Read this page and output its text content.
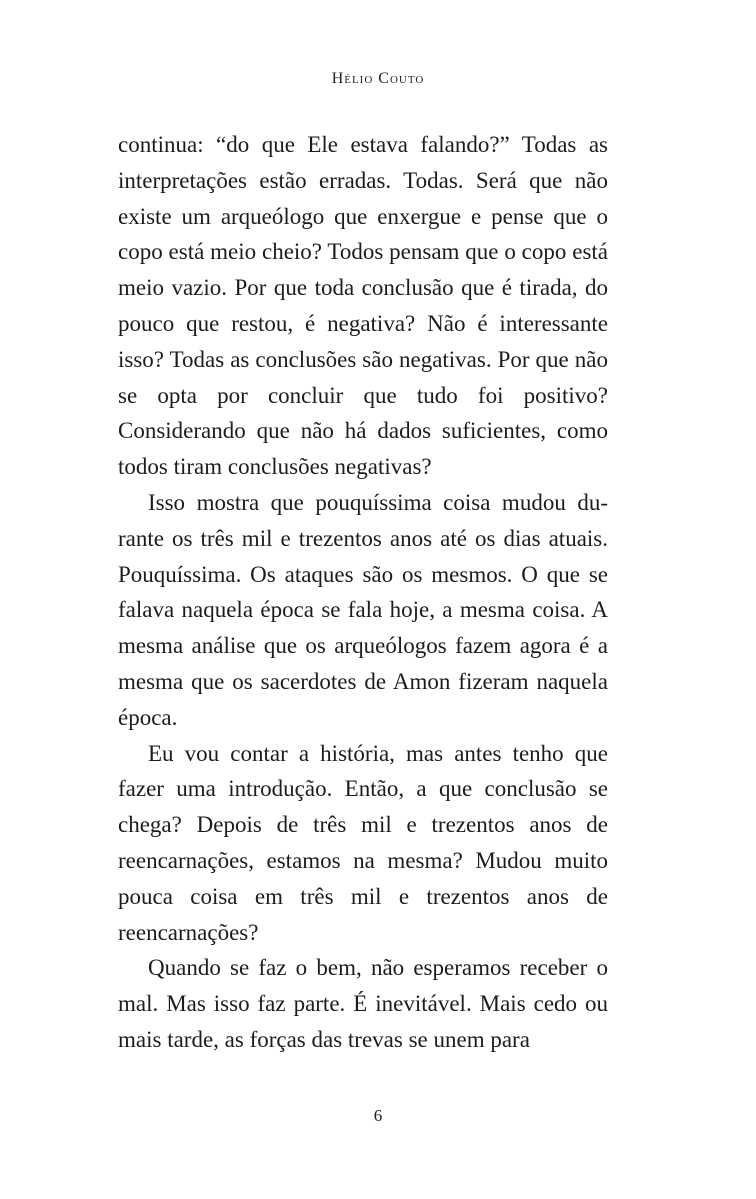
Hélio Couto

continua: “do que Ele estava falando?” Todas as interpretações estão erradas. Todas. Será que não existe um arqueólogo que enxergue e pense que o copo está meio cheio? Todos pensam que o copo está meio vazio. Por que toda conclusão que é tirada, do pouco que restou, é negativa? Não é interessante isso? Todas as conclusões são negativas. Por que não se opta por concluir que tudo foi positivo? Considerando que não há dados suficientes, como todos tiram conclusões negativas?

Isso mostra que pouquíssima coisa mudou durante os três mil e trezentos anos até os dias atuais. Pouquíssima. Os ataques são os mesmos. O que se falava naquela época se fala hoje, a mesma coisa. A mesma análise que os arqueólogos fazem agora é a mesma que os sacerdotes de Amon fizeram naquela época.

Eu vou contar a história, mas antes tenho que fazer uma introdução. Então, a que conclusão se chega? Depois de três mil e trezentos anos de reencarnações, estamos na mesma? Mudou muito pouca coisa em três mil e trezentos anos de reencarnações?

Quando se faz o bem, não esperamos receber o mal. Mas isso faz parte. É inevitável. Mais cedo ou mais tarde, as forças das trevas se unem para

6
